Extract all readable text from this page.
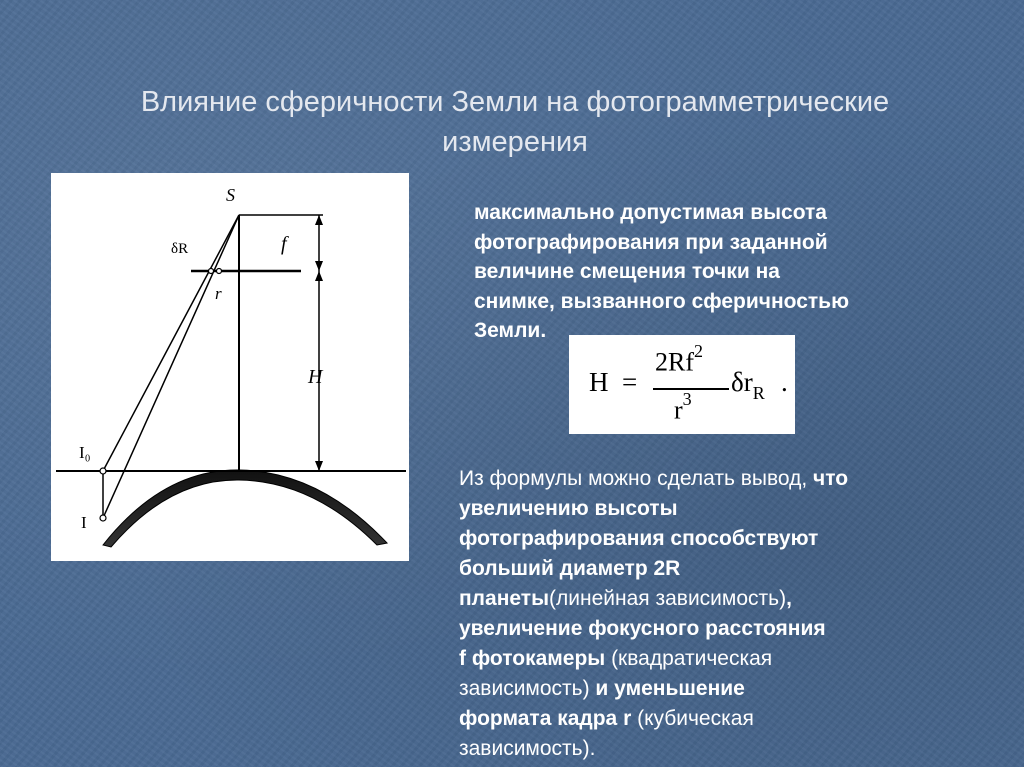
Влияние сферичности Земли на фотограмметрические
измерения
S
f
δR
r
H
I₀
I
максимально допустимая высота
фотографирования при заданной
величине смещения точки на
снимке, вызванного сферичностью
Земли.
H =
$2Rf^2$
$r^3$
$\delta r_R$ .
Из формулы можно сделать вывод, что
увеличению высоты
фотографирования способствуют
больший диаметр 2R
планеты(линейная зависимость),
увеличение фокусного расстояния
f фотокамеры (квадратическая
зависимость) и уменьшение
формата кадра r (кубическая
зависимость).
